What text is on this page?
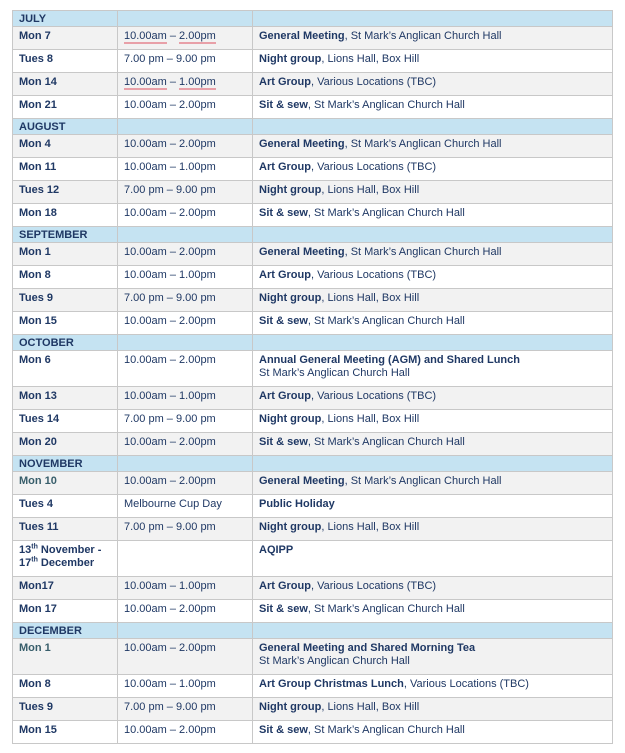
JULY		
Mon 7	10.00am – 2.00pm	General Meeting, St Mark’s Anglican Church Hall
Tues 8	7.00 pm – 9.00 pm	Night group, Lions Hall, Box Hill
Mon 14	10.00am – 1.00pm	Art Group, Various Locations (TBC)
Mon 21	10.00am – 2.00pm	Sit & sew, St Mark’s Anglican Church Hall
AUGUST		
Mon 4	10.00am – 2.00pm	General Meeting, St Mark’s Anglican Church Hall
Mon 11	10.00am – 1.00pm	Art Group, Various Locations (TBC)
Tues 12	7.00 pm – 9.00 pm	Night group, Lions Hall, Box Hill
Mon 18	10.00am – 2.00pm	Sit & sew, St Mark’s Anglican Church Hall
SEPTEMBER		
Mon 1	10.00am – 2.00pm	General Meeting, St Mark’s Anglican Church Hall
Mon 8	10.00am – 1.00pm	Art Group, Various Locations (TBC)
Tues 9	7.00 pm – 9.00 pm	Night group, Lions Hall, Box Hill
Mon 15	10.00am – 2.00pm	Sit & sew, St Mark’s Anglican Church Hall
OCTOBER		
Mon 6	10.00am – 2.00pm	Annual General Meeting (AGM) and Shared Lunch
St Mark’s Anglican Church Hall

Mon 13	10.00am – 1.00pm	Art Group, Various Locations (TBC)
Tues 14	7.00 pm – 9.00 pm	Night group, Lions Hall, Box Hill
Mon 20	10.00am – 2.00pm	Sit & sew, St Mark’s Anglican Church Hall
NOVEMBER		
Mon 10	10.00am – 2.00pm	General Meeting, St Mark’s Anglican Church Hall
Tues 4	Melbourne Cup Day	Public Holiday
Tues 11	7.00 pm – 9.00 pm	Night group, Lions Hall, Box Hill
13th November -
17th December		AQIPP
Mon17	10.00am – 1.00pm	Art Group, Various Locations (TBC)
Mon 17	10.00am – 2.00pm	Sit & sew, St Mark’s Anglican Church Hall
DECEMBER		
Mon 1	10.00am – 2.00pm	General Meeting and Shared Morning Tea
St Mark’s Anglican Church Hall

Mon 8	10.00am – 1.00pm	Art Group Christmas Lunch, Various Locations (TBC)
Tues 9	7.00 pm – 9.00 pm	Night group, Lions Hall, Box Hill
Mon 15	10.00am – 2.00pm	Sit & sew, St Mark’s Anglican Church Hall
